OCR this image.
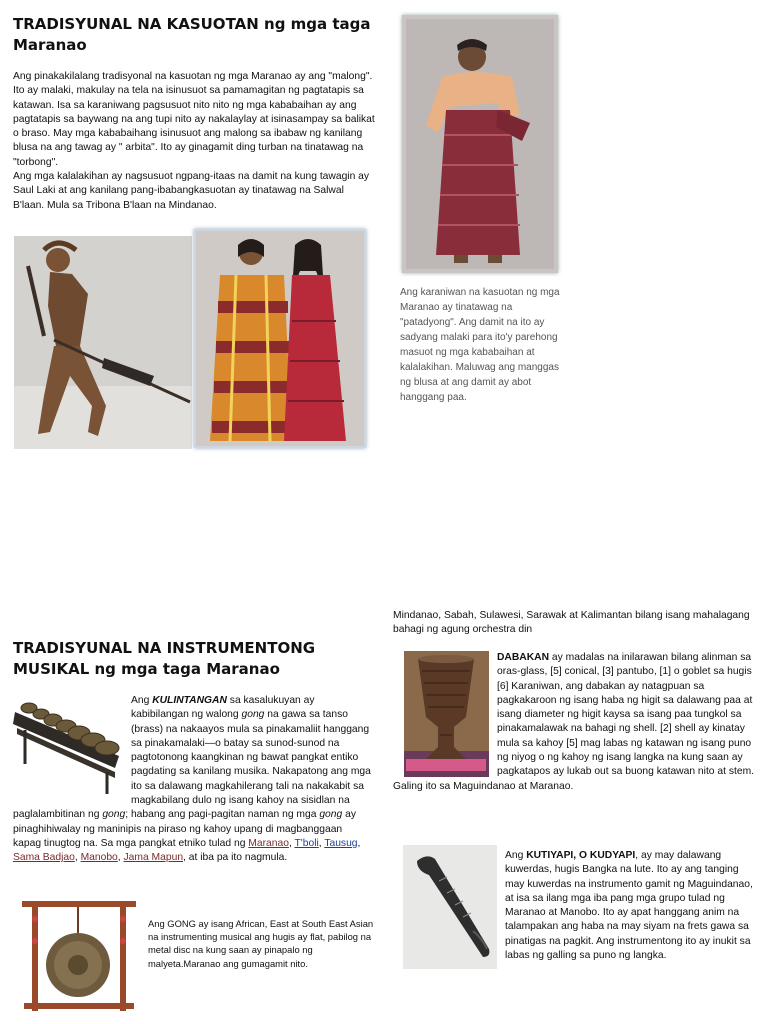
TRADISYUNAL NA KASUOTAN ng mga taga Maranao
Ang pinakakilalang tradisyonal na kasuotan ng mga Maranao ay ang "malong". Ito ay malaki, makulay na tela na isinusuot sa pamamagitan ng pagtatapis sa katawan. Isa sa karaniwang pagsusuot nito nito ng mga kababaihan ay ang pagtatapis sa baywang na ang tupi nito ay nakalaylay at isinasampay sa balikat o braso. May mga kababaihang isinusuot ang malong sa ibabaw ng kanilang blusa na ang tawag ay " arbita". Ito ay ginagamit ding turban na tinatawag na "torbong".
Ang mga kalalakihan ay nagsusuot ngpang-itaas na damit na kung tawagin ay Saul Laki at ang kanilang pang-ibabangkasuotan ay tinatawag na Salwal B'laan. Mula sa Tribona B'laan na Mindanao.
Ang karaniwan na kasuotan ng mga Maranao ay tinatawag na "patadyong". Ang damit na ito ay sadyang malaki para ito'y parehong masuot ng mga kababaihan at kalalakihan. Maluwag ang manggas ng blusa at ang damit ay abot hanggang paa.
Mindanao, Sabah, Sulawesi, Sarawak at Kalimantan bilang isang mahalagang bahagi ng agung orchestra din
TRADISYUNAL NA INSTRUMENTONG MUSIKAL ng mga taga Maranao
Ang KULINTANGAN sa kasalukuyan ay kabibilangan ng walong gong na gawa sa tanso (brass) na nakaayos mula sa pinakamaliit hanggang sa pinakamalaki—o batay sa sunod-sunod na pagtotonong kaangkinan ng bawat pangkat entiko pagdating sa kanilang musika. Nakapatong ang mga ito sa dalawang magkahilerang tali na nakakabit sa magkabilang dulo ng isang kahoy na sisidlan na paglalambitinan ng gong; habang ang pagi-pagitan naman ng mga gong ay pinaghihiwalay ng maninipis na piraso ng kahoy upang di magbanggaan kapag tinugtog na. Sa mga pangkat etniko tulad ng Maranao, T'boli, Tausug, Sama Badjao, Manobo, Jama Mapun, at iba pa ito nagmula.
Ang GONG ay isang African, East at South East Asian na instrumenting musical ang hugis ay flat, pabilog na metal disc na kung saan ay pinapalo ng malyeta.Maranao ang gumagamit nito.
DABAKAN ay madalas na inilarawan bilang alinman sa oras-glass, [5] conical, [3] pantubo, [1] o goblet sa hugis [6] Karaniwan, ang dabakan ay natagpuan sa pagkakaroon ng isang haba ng higit sa dalawang paa at isang diameter ng higit kaysa sa isang paa tungkol sa pinakamalawak na bahagi ng shell. [2] shell ay kinatay mula sa kahoy [5] mag labas ng katawan ng isang puno ng niyog o ng kahoy ng isang langka na kung saan ay pagkatapos ay lukab out sa buong katawan nito at stem. Galing ito sa Maguindanao at Maranao.
Ang KUTIYAPI, O KUDYAPI, ay may dalawang kuwerdas, hugis Bangka na lute. Ito ay ang tanging may kuwerdas na instrumento gamit ng Maguindanao, at isa sa ilang mga iba pang mga grupo tulad ng Maranao at Manobo. Ito ay apat hanggang anim na talampakan ang haba na may siyam na frets gawa sa pinatigas na pagkit. Ang instrumentong ito ay inukit sa labas ng galling sa puno ng langka.
